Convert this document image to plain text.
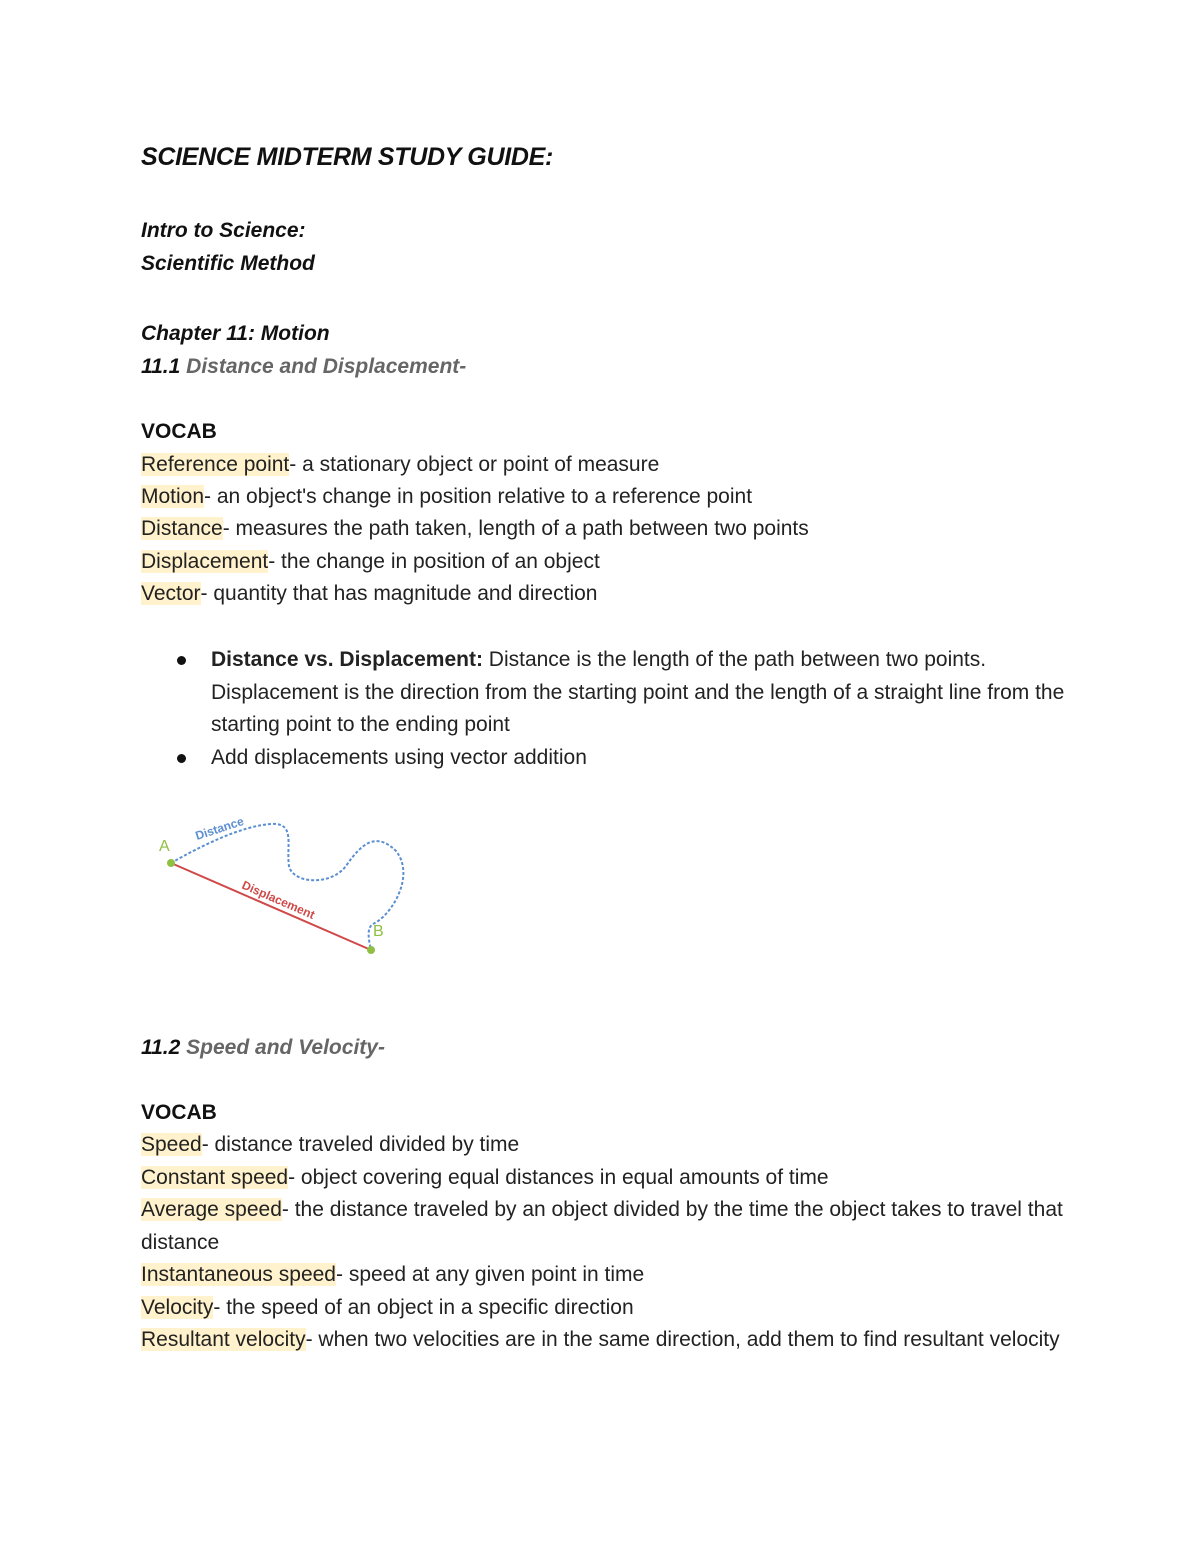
SCIENCE MIDTERM STUDY GUIDE:
Intro to Science:
Scientific Method
Chapter 11: Motion
11.1 Distance and Displacement-
VOCAB
Reference point- a stationary object or point of measure
Motion- an object's change in position relative to a reference point
Distance- measures the path taken, length of a path between two points
Displacement- the change in position of an object
Vector- quantity that has magnitude and direction
Distance vs. Displacement: Distance is the length of the path between two points. Displacement is the direction from the starting point and the length of a straight line from the starting point to the ending point
Add displacements using vector addition
A
B
Distance
Displacement
11.2 Speed and Velocity-
VOCAB
Speed- distance traveled divided by time
Constant speed- object covering equal distances in equal amounts of time
Average speed- the distance traveled by an object divided by the time the object takes to travel that distance
Instantaneous speed- speed at any given point in time
Velocity- the speed of an object in a specific direction
Resultant velocity- when two velocities are in the same direction, add them to find resultant velocity
